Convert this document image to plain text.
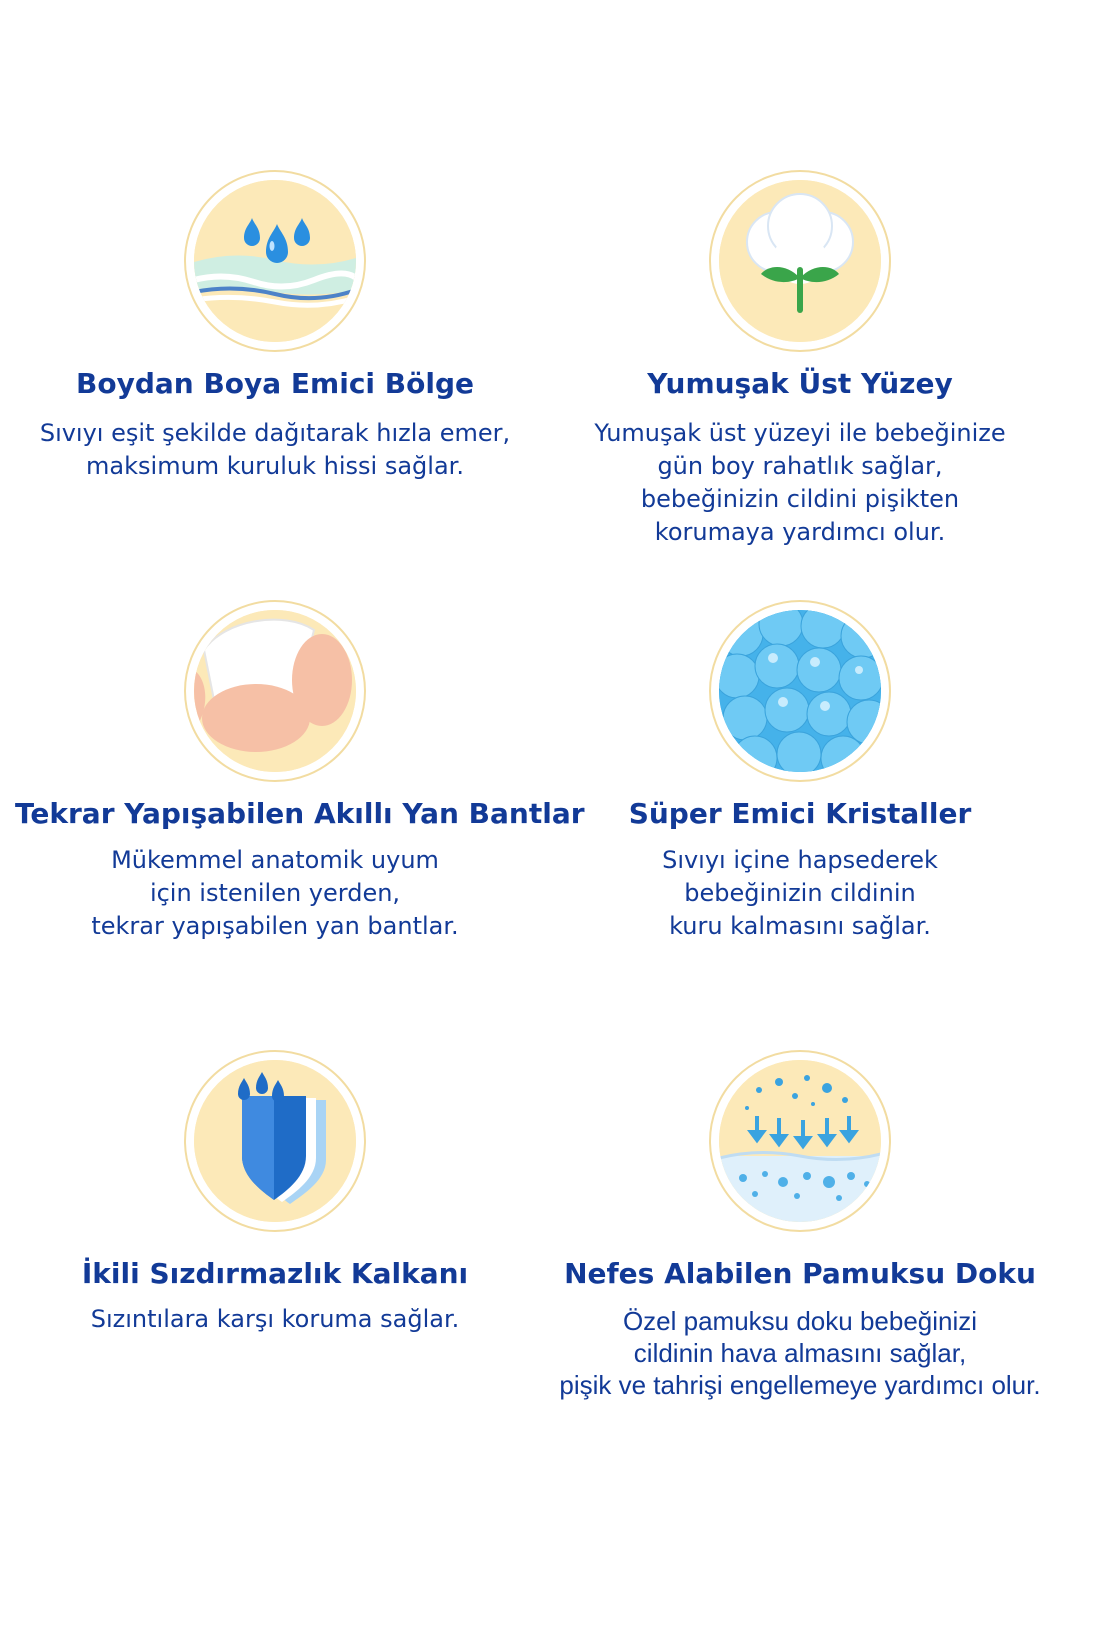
Boydan Boya Emici Bölge
Sıvıyı eşit şekilde dağıtarak hızla emer,
maksimum kuruluk hissi sağlar.
Yumuşak Üst Yüzey
Yumuşak üst yüzeyi ile bebeğinize
gün boy rahatlık sağlar,
bebeğinizin cildini pişikten
korumaya yardımcı olur.
Tekrar Yapışabilen Akıllı Yan Bantlar
Mükemmel anatomik uyum
için istenilen yerden,
tekrar yapışabilen yan bantlar.
Süper Emici Kristaller
Sıvıyı içine hapsederek
bebeğinizin cildinin
kuru kalmasını sağlar.
İkili Sızdırmazlık Kalkanı
Sızıntılara karşı koruma sağlar.
Nefes Alabilen Pamuksu Doku
Özel pamuksu doku bebeğinizi
cildinin hava almasını sağlar,
pişik ve tahrişi engellemeye yardımcı olur.
